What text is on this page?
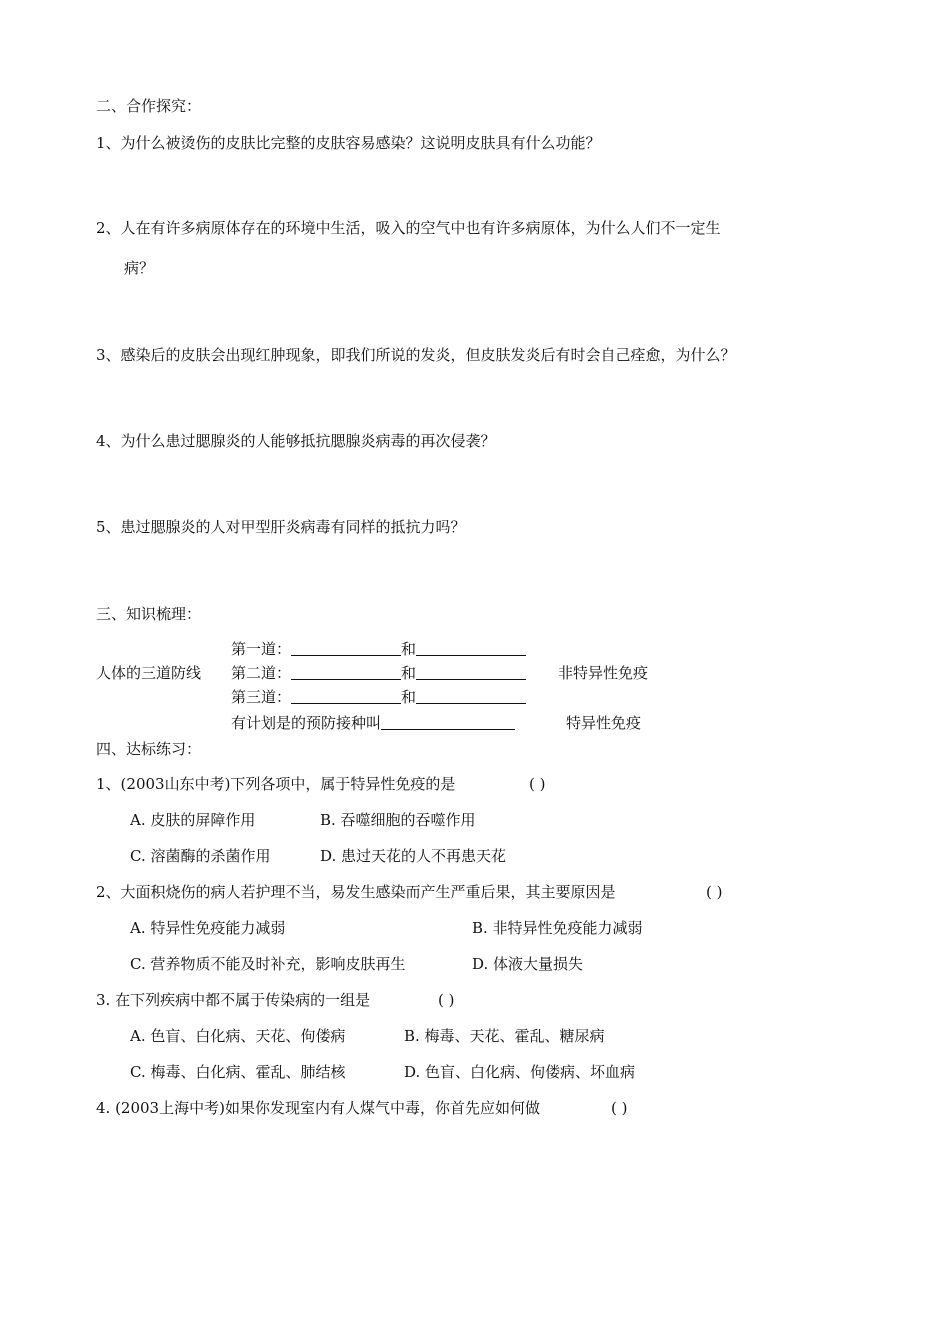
二、合作探究：
1、为什么被烫伤的皮肤比完整的皮肤容易感染？这说明皮肤具有什么功能？
2、人在有许多病原体存在的环境中生活，吸入的空气中也有许多病原体，为什么人们不一定生
病？
3、感染后的皮肤会出现红肿现象，即我们所说的发炎，但皮肤发炎后有时会自己痊愈，为什么？
4、为什么患过腮腺炎的人能够抵抗腮腺炎病毒的再次侵袭？
5、患过腮腺炎的人对甲型肝炎病毒有同样的抵抗力吗？
三、知识梳理：
第一道：	和
人体的三道防线 第二道：	和	非特异性免疫
第三道：	和
有计划是的预防接种叫	特异性免疫
四、达标练习：
1、(2003山东中考)下列各项中，属于特异性免疫的是	( )
A. 皮肤的屏障作用	B. 吞噬细胞的吞噬作用
C. 溶菌酶的杀菌作用	D. 患过天花的人不再患天花
2、大面积烧伤的病人若护理不当，易发生感染而产生严重后果，其主要原因是	( )
A. 特异性免疫能力减弱	B. 非特异性免疫能力减弱
C. 营养物质不能及时补充，影响皮肤再生	D. 体液大量损失
3. 在下列疾病中都不属于传染病的一组是	( )
A. 色盲、白化病、天花、佝偻病	B. 梅毒、天花、霍乱、糖尿病
C. 梅毒、白化病、霍乱、肺结核	D. 色盲、白化病、佝偻病、坏血病
4. (2003上海中考)如果你发现室内有人煤气中毒，你首先应如何做	( )
